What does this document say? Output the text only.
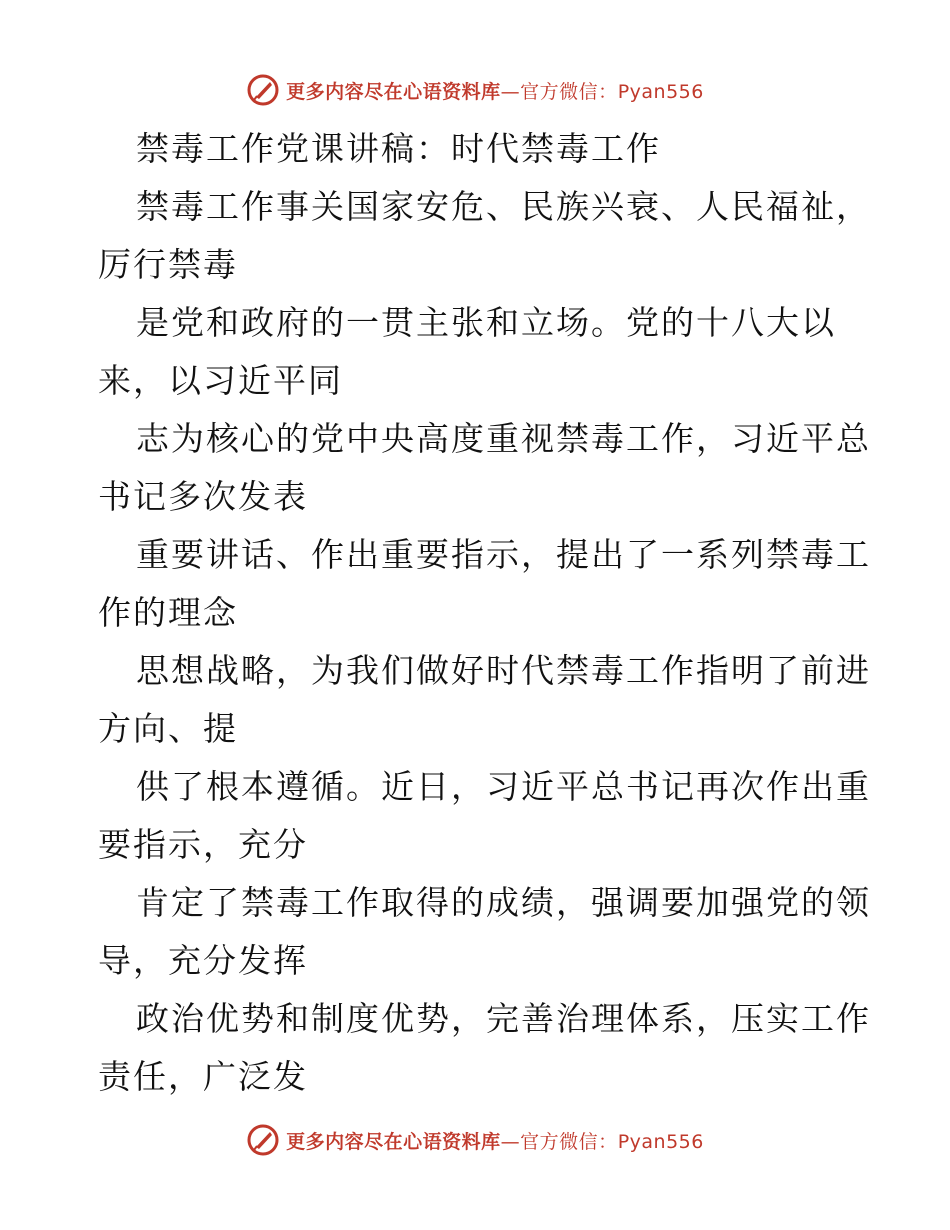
更多内容尽在心语资料库—官方微信：Pyan556
禁毒工作党课讲稿：时代禁毒工作
禁毒工作事关国家安危、民族兴衰、人民福祉，
厉行禁毒
是党和政府的一贯主张和立场。党的十八大以
来，以习近平同
志为核心的党中央高度重视禁毒工作，习近平总
书记多次发表
重要讲话、作出重要指示，提出了一系列禁毒工
作的理念
思想战略，为我们做好时代禁毒工作指明了前进
方向、提
供了根本遵循。近日，习近平总书记再次作出重
要指示，充分
肯定了禁毒工作取得的成绩，强调要加强党的领
导，充分发挥
政治优势和制度优势，完善治理体系，压实工作
责任，广泛发
更多内容尽在心语资料库—官方微信：Pyan556
